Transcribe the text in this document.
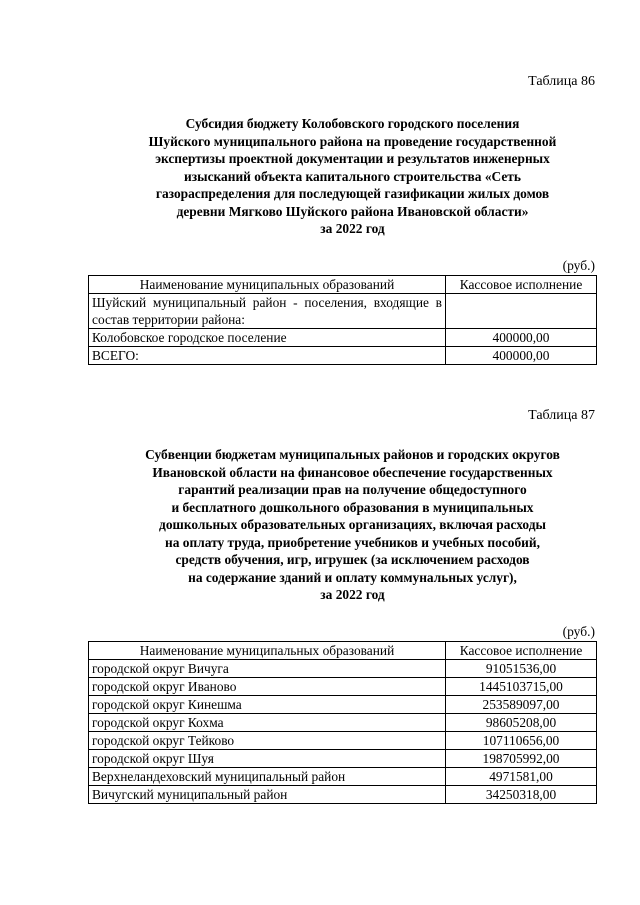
Таблица 86
Субсидия бюджету Колобовского городского поселения
Шуйского муниципального района на проведение государственной
экспертизы проектной документации и результатов инженерных
изысканий объекта капитального строительства «Сеть
газораспределения для последующей газификации жилых домов
деревни Мягково Шуйского района Ивановской области»
за 2022 год
(руб.)
Наименование муниципальных образований	Кассовое исполнение
Шуйский муниципальный район - поселения, входящие в состав территории района:	
Колобовское городское поселение	400000,00
ВСЕГО:	400000,00
Таблица 87
Субвенции бюджетам муниципальных районов и городских округов
Ивановской области на финансовое обеспечение государственных
гарантий реализации прав на получение общедоступного
и бесплатного дошкольного образования в муниципальных
дошкольных образовательных организациях, включая расходы
на оплату труда, приобретение учебников и учебных пособий,
средств обучения, игр, игрушек (за исключением расходов
на содержание зданий и оплату коммунальных услуг),
за 2022 год
(руб.)
Наименование муниципальных образований	Кассовое исполнение
городской округ Вичуга	91051536,00
городской округ Иваново	1445103715,00
городской округ Кинешма	253589097,00
городской округ Кохма	98605208,00
городской округ Тейково	107110656,00
городской округ Шуя	198705992,00
Верхнеландеховский муниципальный район	4971581,00
Вичугский муниципальный район	34250318,00
